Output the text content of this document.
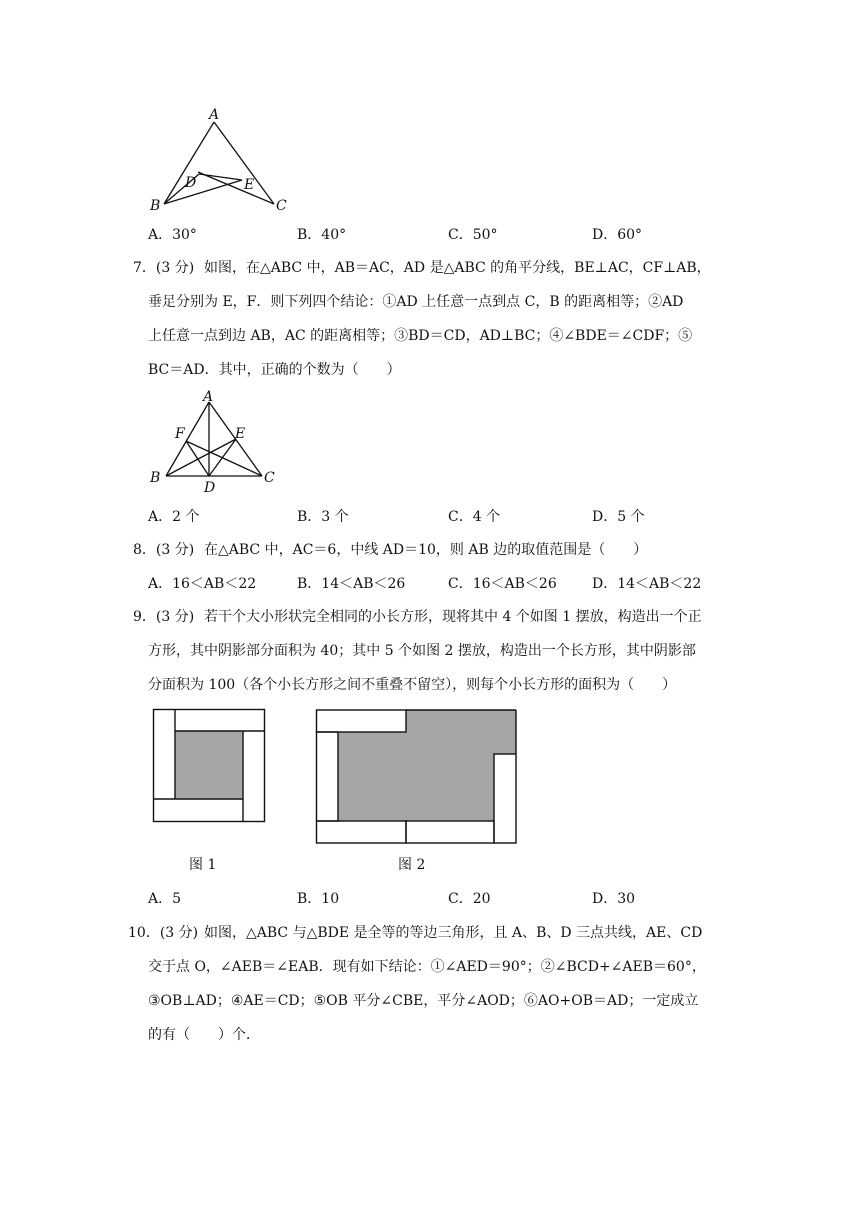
A
B	C
D	E
A．30°	B．40°	C．50°	D．60°
7．(3 分) 如图，在△ABC 中，AB＝AC，AD 是△ABC 的角平分线，BE⊥AC，CF⊥AB，
垂足分别为 E，F．则下列四个结论：①AD 上任意一点到点 C，B 的距离相等；②AD
上任意一点到边 AB，AC 的距离相等；③BD＝CD，AD⊥BC；④∠BDE＝∠CDF；⑤
BC＝AD．其中，正确的个数为（　　）
A
F	E
B	C
D
A．2 个	B．3 个	C．4 个	D．5 个
8．(3 分) 在△ABC 中，AC＝6，中线 AD＝10，则 AB 边的取值范围是（　　）
A．16＜AB＜22	B．14＜AB＜26	C．16＜AB＜26	D．14＜AB＜22
9．(3 分) 若干个大小形状完全相同的小长方形，现将其中 4 个如图 1 摆放，构造出一个正
方形，其中阴影部分面积为 40；其中 5 个如图 2 摆放，构造出一个长方形，其中阴影部
分面积为 100（各个小长方形之间不重叠不留空），则每个小长方形的面积为（　　）
图 1	图 2
A．5	B．10	C．20	D．30
10．(3 分) 如图，△ABC 与△BDE 是全等的等边三角形，且 A、B、D 三点共线，AE、CD
交于点 O，∠AEB＝∠EAB．现有如下结论：①∠AED＝90°；②∠BCD+∠AEB＝60°，
③OB⊥AD；④AE＝CD；⑤OB 平分∠CBE，平分∠AOD；⑥AO+OB＝AD；一定成立
的有（　　）个．
